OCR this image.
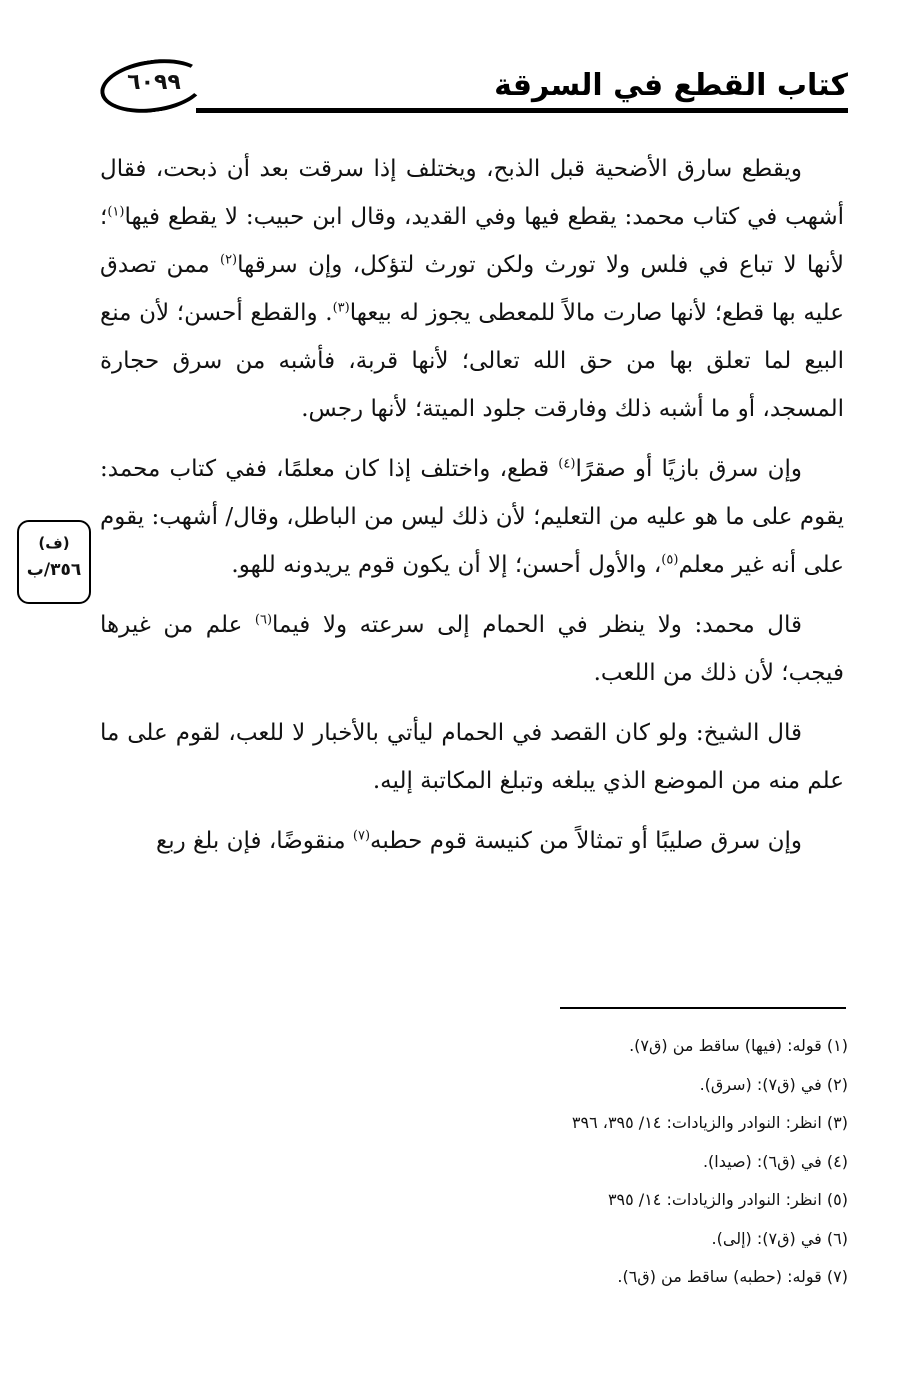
كتاب القطع في السرقة
٦٠٩٩
(ف)
٣٥٦/ب

ويقطع سارق الأضحية قبل الذبح، ويختلف إذا سرقت بعد أن ذبحت، فقال أشهب في كتاب محمد: يقطع فيها وفي القديد، وقال ابن حبيب: لا يقطع فيها$^{(١)}$؛ لأنها لا تباع في فلس ولا تورث ولكن تورث لتؤكل، وإن سرقها$^{(٢)}$ ممن تصدق عليه بها قطع؛ لأنها صارت مالاً للمعطى يجوز له بيعها$^{(٣)}$. والقطع أحسن؛ لأن منع البيع لما تعلق بها من حق الله تعالى؛ لأنها قربة، فأشبه من سرق حجارة المسجد، أو ما أشبه ذلك وفارقت جلود الميتة؛ لأنها رجس.

وإن سرق بازيًا أو صقرًا$^{(٤)}$ قطع، واختلف إذا كان معلمًا، ففي كتاب محمد: يقوم على ما هو عليه من التعليم؛ لأن ذلك ليس من الباطل، وقال/ أشهب: يقوم على أنه غير معلم$^{(٥)}$، والأول أحسن؛ إلا أن يكون قوم يريدونه للهو.

قال محمد: ولا ينظر في الحمام إلى سرعته ولا فيما$^{(٦)}$ علم من غيرها فيجب؛ لأن ذلك من اللعب.

قال الشيخ: ولو كان القصد في الحمام ليأتي بالأخبار لا للعب، لقوم على ما علم منه من الموضع الذي يبلغه وتبلغ المكاتبة إليه.

وإن سرق صليبًا أو تمثالاً من كنيسة قوم حطبه$^{(٧)}$ منقوضًا، فإن بلغ ربع

(١) قوله: (فيها) ساقط من (ق٧).
(٢) في (ق٧): (سرق).
(٣) انظر: النوادر والزيادات: ١٤/ ٣٩٥، ٣٩٦
(٤) في (ق٦): (صيدا).
(٥) انظر: النوادر والزيادات: ١٤/ ٣٩٥
(٦) في (ق٧): (إلى).
(٧) قوله: (حطبه) ساقط من (ق٦).
